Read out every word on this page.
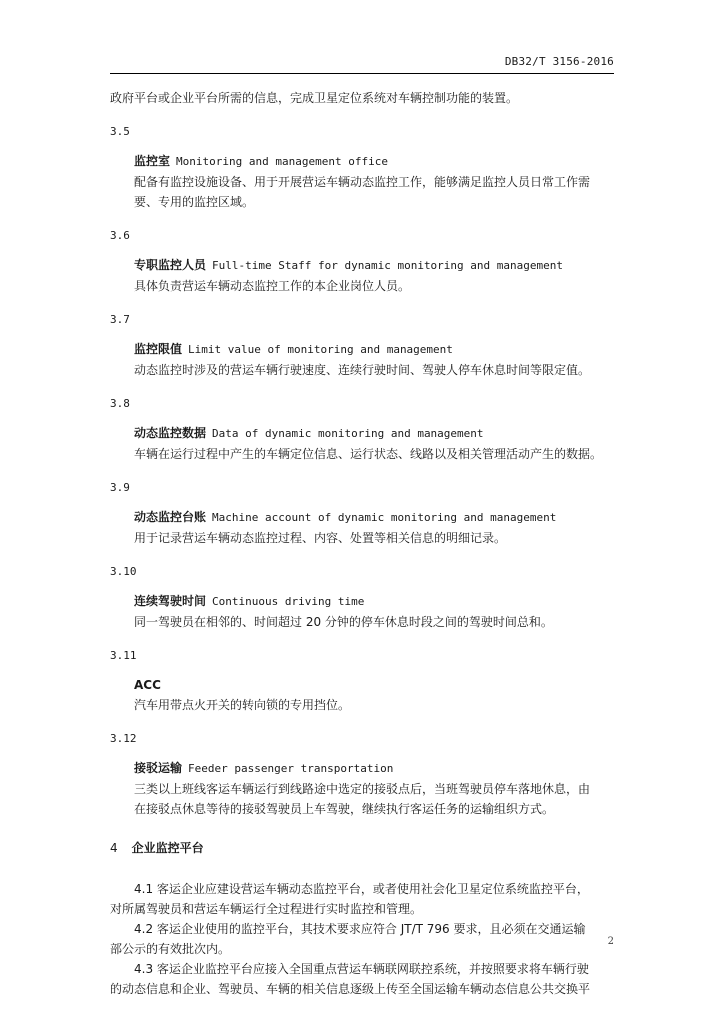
DB32/T 3156-2016

政府平台或企业平台所需的信息，完成卫星定位系统对车辆控制功能的装置。

3.5
监控室 Monitoring and management office
配备有监控设施设备、用于开展营运车辆动态监控工作，能够满足监控人员日常工作需
要、专用的监控区域。
3.6
专职监控人员 Full-time Staff for dynamic monitoring and management
具体负责营运车辆动态监控工作的本企业岗位人员。
3.7
监控限值 Limit value of monitoring and management
动态监控时涉及的营运车辆行驶速度、连续行驶时间、驾驶人停车休息时间等限定值。
3.8
动态监控数据 Data of dynamic monitoring and management
车辆在运行过程中产生的车辆定位信息、运行状态、线路以及相关管理活动产生的数据。
3.9
动态监控台账 Machine account of dynamic monitoring and management
用于记录营运车辆动态监控过程、内容、处置等相关信息的明细记录。
3.10
连续驾驶时间 Continuous driving time
同一驾驶员在相邻的、时间超过 20 分钟的停车休息时段之间的驾驶时间总和。
3.11
ACC
汽车用带点火开关的转向锁的专用挡位。
3.12
接驳运输 Feeder passenger transportation
三类以上班线客运车辆运行到线路途中选定的接驳点后，当班驾驶员停车落地休息，由
在接驳点休息等待的接驳驾驶员上车驾驶，继续执行客运任务的运输组织方式。
4 企业监控平台
4.1 客运企业应建设营运车辆动态监控平台，或者使用社会化卫星定位系统监控平台，
对所属驾驶员和营运车辆运行全过程进行实时监控和管理。
4.2 客运企业使用的监控平台，其技术要求应符合 JT/T 796 要求，且必须在交通运输
部公示的有效批次内。
4.3 客运企业监控平台应接入全国重点营运车辆联网联控系统，并按照要求将车辆行驶
的动态信息和企业、驾驶员、车辆的相关信息逐级上传至全国运输车辆动态信息公共交换平
2
